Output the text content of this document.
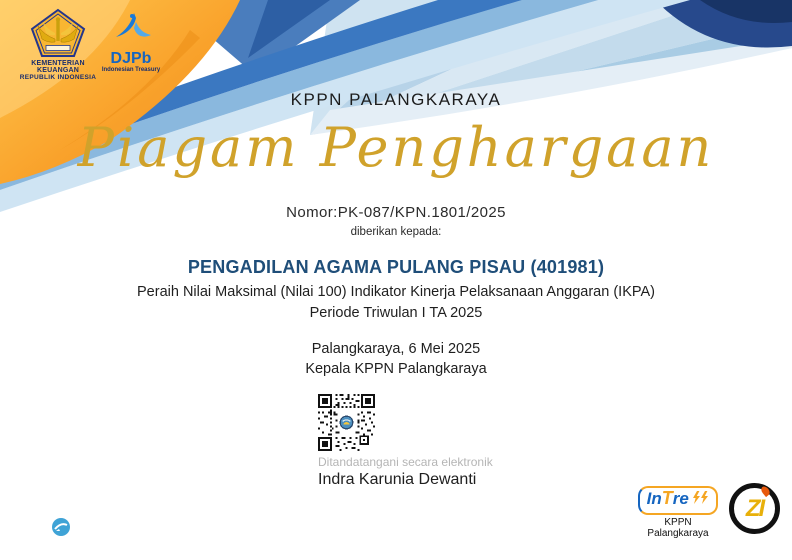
KEMENTERIAN KEUANGAN
REPUBLIK INDONESIA
DJPb
Indonesian Treasury
KPPN PALANGKARAYA
Piagam Penghargaan
Nomor:PK-087/KPN.1801/2025
diberikan kepada:
PENGADILAN AGAMA PULANG PISAU (401981)
Peraih Nilai Maksimal (Nilai 100) Indikator Kinerja Pelaksanaan Anggaran (IKPA)
Periode Triwulan I TA 2025
Palangkaraya, 6 Mei 2025
Kepala KPPN Palangkaraya
Ditandatangani secara elektronik
Indra Karunia Dewanti
InTre
KPPN Palangkaraya
ZI
